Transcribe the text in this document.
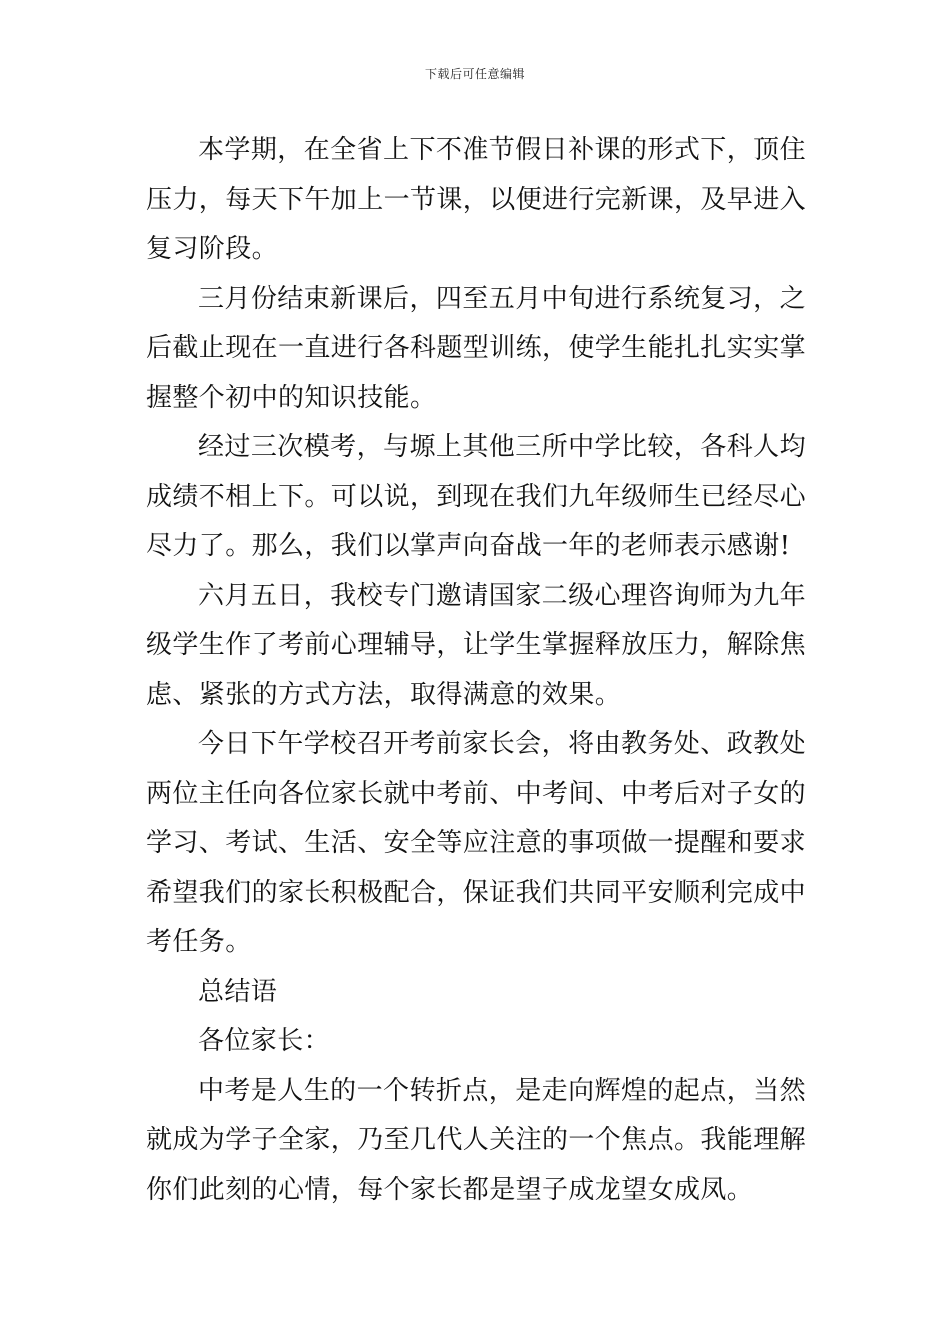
下载后可任意编辑

本学期，在全省上下不准节假日补课的形式下，顶住压力，每天下午加上一节课，以便进行完新课，及早进入复习阶段。

三月份结束新课后，四至五月中旬进行系统复习，之后截止现在一直进行各科题型训练，使学生能扎扎实实掌握整个初中的知识技能。

经过三次模考，与塬上其他三所中学比较，各科人均成绩不相上下。可以说，到现在我们九年级师生已经尽心尽力了。那么，我们以掌声向奋战一年的老师表示感谢!

六月五日，我校专门邀请国家二级心理咨询师为九年级学生作了考前心理辅导，让学生掌握释放压力，解除焦虑、紧张的方式方法，取得满意的效果。

今日下午学校召开考前家长会，将由教务处、政教处两位主任向各位家长就中考前、中考间、中考后对子女的学习、考试、生活、安全等应注意的事项做一提醒和要求希望我们的家长积极配合，保证我们共同平安顺利完成中考任务。

总结语

各位家长：

中考是人生的一个转折点，是走向辉煌的起点，当然就成为学子全家，乃至几代人关注的一个焦点。我能理解你们此刻的心情，每个家长都是望子成龙望女成凤。
